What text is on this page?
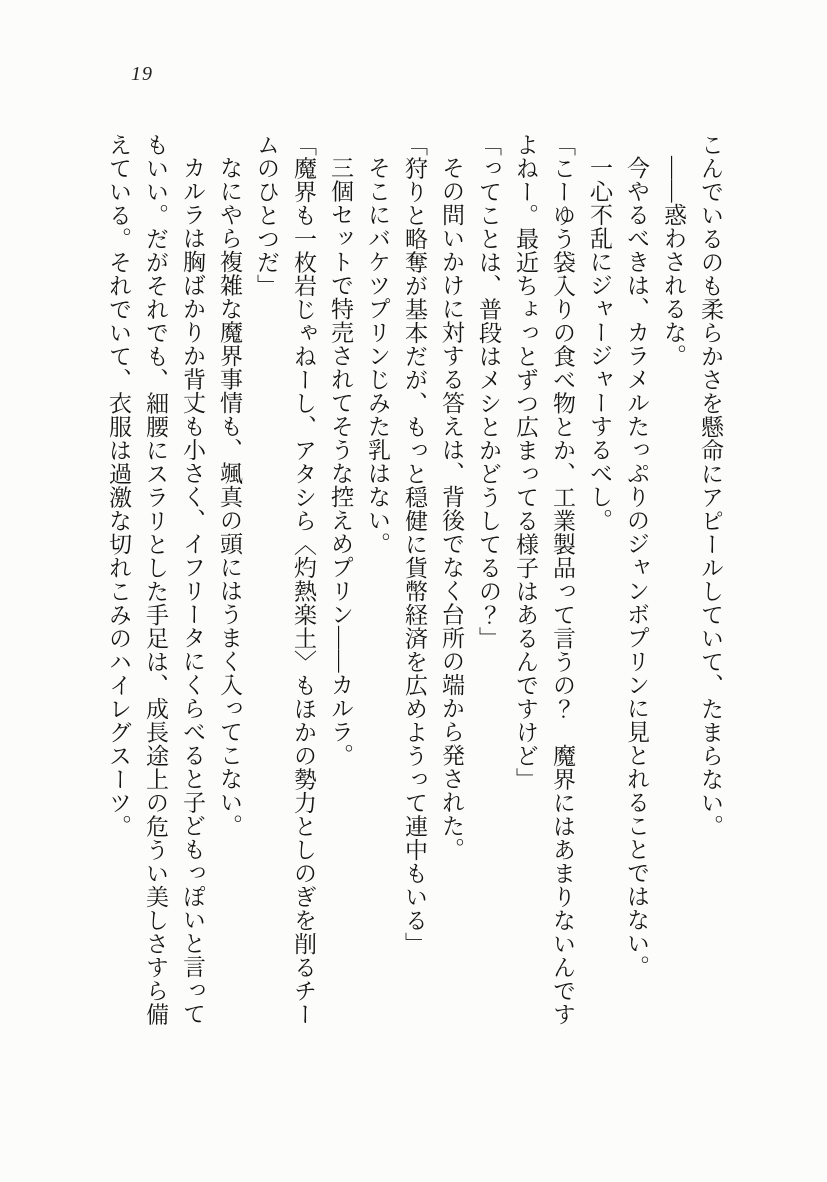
19

こんでいるのも柔らかさを懸命にアピールしていて、たまらない。

――惑わされるな。

今やるべきは、カラメルたっぷりのジャンボプリンに見とれることではない。

一心不乱にジャージャーするべし。

「こーゆう袋入りの食べ物とか、工業製品って言うの？　魔界にはあまりないんです

よねー。最近ちょっとずつ広まってる様子はあるんですけど」

「ってことは、普段はメシとかどうしてるの？」

その問いかけに対する答えは、背後でなく台所の端から発された。

「狩りと略奪が基本だが、もっと穏健に貨幣経済を広めようって連中もいる」

そこにバケツプリンじみた乳はない。

三個セットで特売されてそうな控えめプリン――カルラ。

「魔界も一枚岩じゃねーし、アタシら〈灼熱楽土〉もほかの勢力としのぎを削るチー

ムのひとつだ」

なにやら複雑な魔界事情も、颯真の頭にはうまく入ってこない。

カルラは胸ばかりか背丈も小さく、イフリータにくらべると子どもっぽいと言って

もいい。だがそれでも、細腰にスラリとした手足は、成長途上の危うい美しさすら備

えている。それでいて、衣服は過激な切れこみのハイレグスーツ。
